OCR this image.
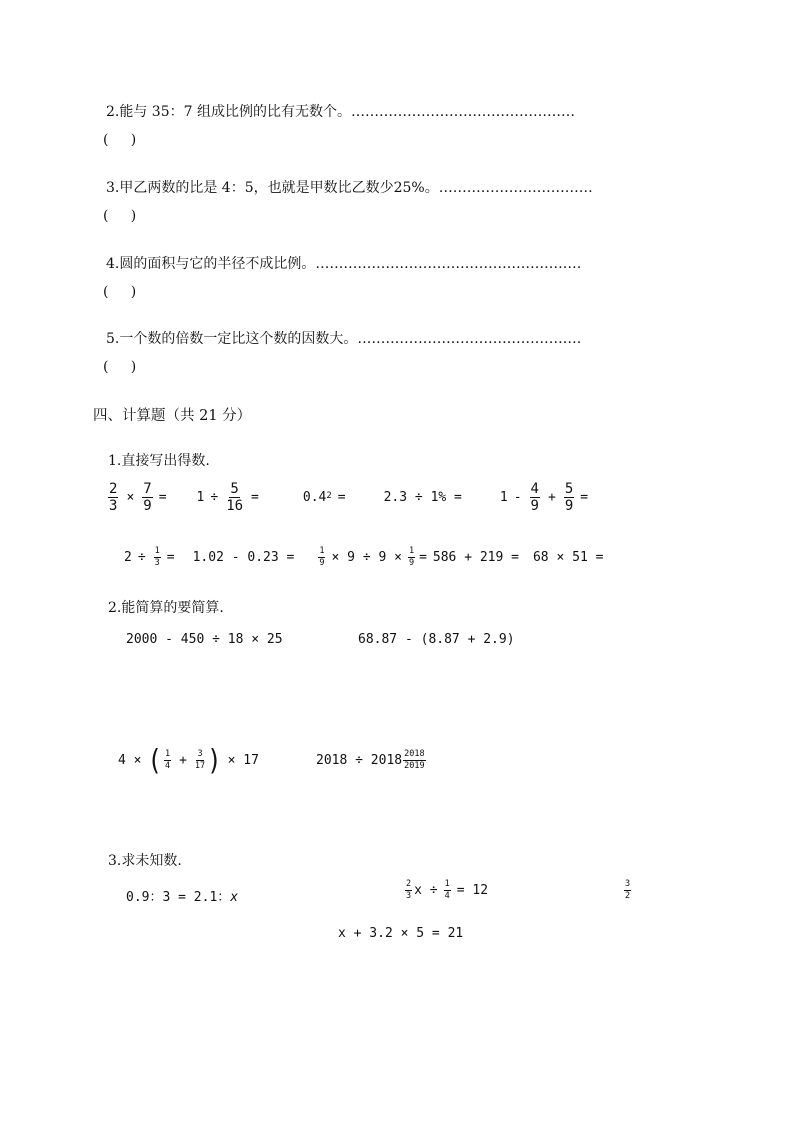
2.能与 35：7 组成比例的比有无数个。…………………………………………
(     )
3.甲乙两数的比是 4：5，也就是甲数比乙数少25%。……………………………
(     )
4.圆的面积与它的半径不成比例。…………………………………………………
(     )
5.一个数的倍数一定比这个数的因数大。…………………………………………
(     )
四、计算题（共 21 分）
1.直接写出得数.
$\frac{2}{3} \times \frac{7}{9} = 1 \div \frac{5}{16}$ =	$0.4^2$ =	2.3 ÷ 1% =	$1 - \frac{4}{9} + \frac{5}{9}$ =
$2 \div \frac{1}{3} = 1.02 - 0.23$ =	$\frac{1}{9} \times 9 \div 9 \times \frac{1}{9} = 586 + 219 = 68 \times 51$ =
2.能简算的要简算.
2000 - 450 ÷ 18 × 25	68.87 - (8.87 + 2.9)
4 × ( $\frac{1}{4} + \frac{3}{17}$ ) × 17	$2018 \div 2018 \frac{2018}{2019}$
3.求未知数.
0.9：3 = 2.1：x	$\frac{2}{3}$ $x \div \frac{1}{4} = 12$	$\frac{3}{2}$
x + 3.2 × 5 = 21
